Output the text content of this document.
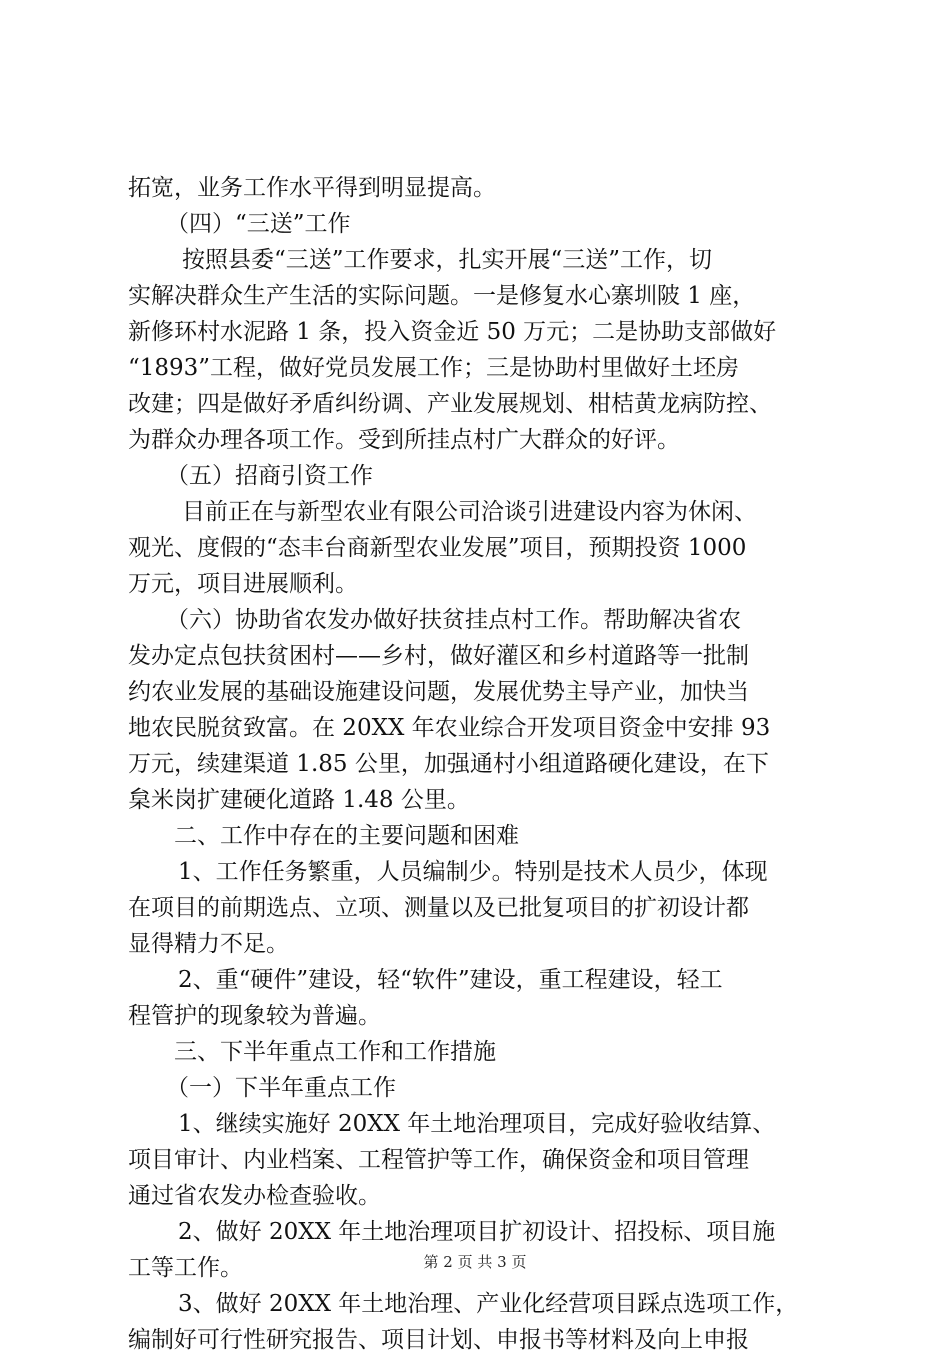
拓宽，业务工作水平得到明显提高。
（四）“三送”工作
按照县委“三送”工作要求，扎实开展“三送”工作，切
实解决群众生产生活的实际问题。一是修复水心寨圳陂 1 座，
新修环村水泥路 1 条，投入资金近 50 万元；二是协助支部做好
“1893”工程，做好党员发展工作；三是协助村里做好土坯房
改建；四是做好矛盾纠纷调、产业发展规划、柑桔黄龙病防控、
为群众办理各项工作。受到所挂点村广大群众的好评。
（五）招商引资工作
目前正在与新型农业有限公司洽谈引进建设内容为休闲、
观光、度假的“态丰台商新型农业发展”项目，预期投资 1000
万元，项目进展顺利。
（六）协助省农发办做好扶贫挂点村工作。帮助解决省农
发办定点包扶贫困村——乡村，做好灌区和乡村道路等一批制
约农业发展的基础设施建设问题，发展优势主导产业，加快当
地农民脱贫致富。在 20XX 年农业综合开发项目资金中安排 93
万元，续建渠道 1.85 公里，加强通村小组道路硬化建设，在下
枲米岗扩建硬化道路 1.48 公里。
二、工作中存在的主要问题和困难
1、工作任务繁重，人员编制少。特别是技术人员少，体现
在项目的前期选点、立项、测量以及已批复项目的扩初设计都
显得精力不足。
2、重“硬件”建设，轻“软件”建设，重工程建设，轻工
程管护的现象较为普遍。
三、下半年重点工作和工作措施
（一）下半年重点工作
1、继续实施好 20XX 年土地治理项目，完成好验收结算、
项目审计、内业档案、工程管护等工作，确保资金和项目管理
通过省农发办检查验收。
2、做好 20XX 年土地治理项目扩初设计、招投标、项目施
工等工作。
3、做好 20XX 年土地治理、产业化经营项目踩点选项工作，
编制好可行性研究报告、项目计划、申报书等材料及向上申报
第 2 页 共 3 页
